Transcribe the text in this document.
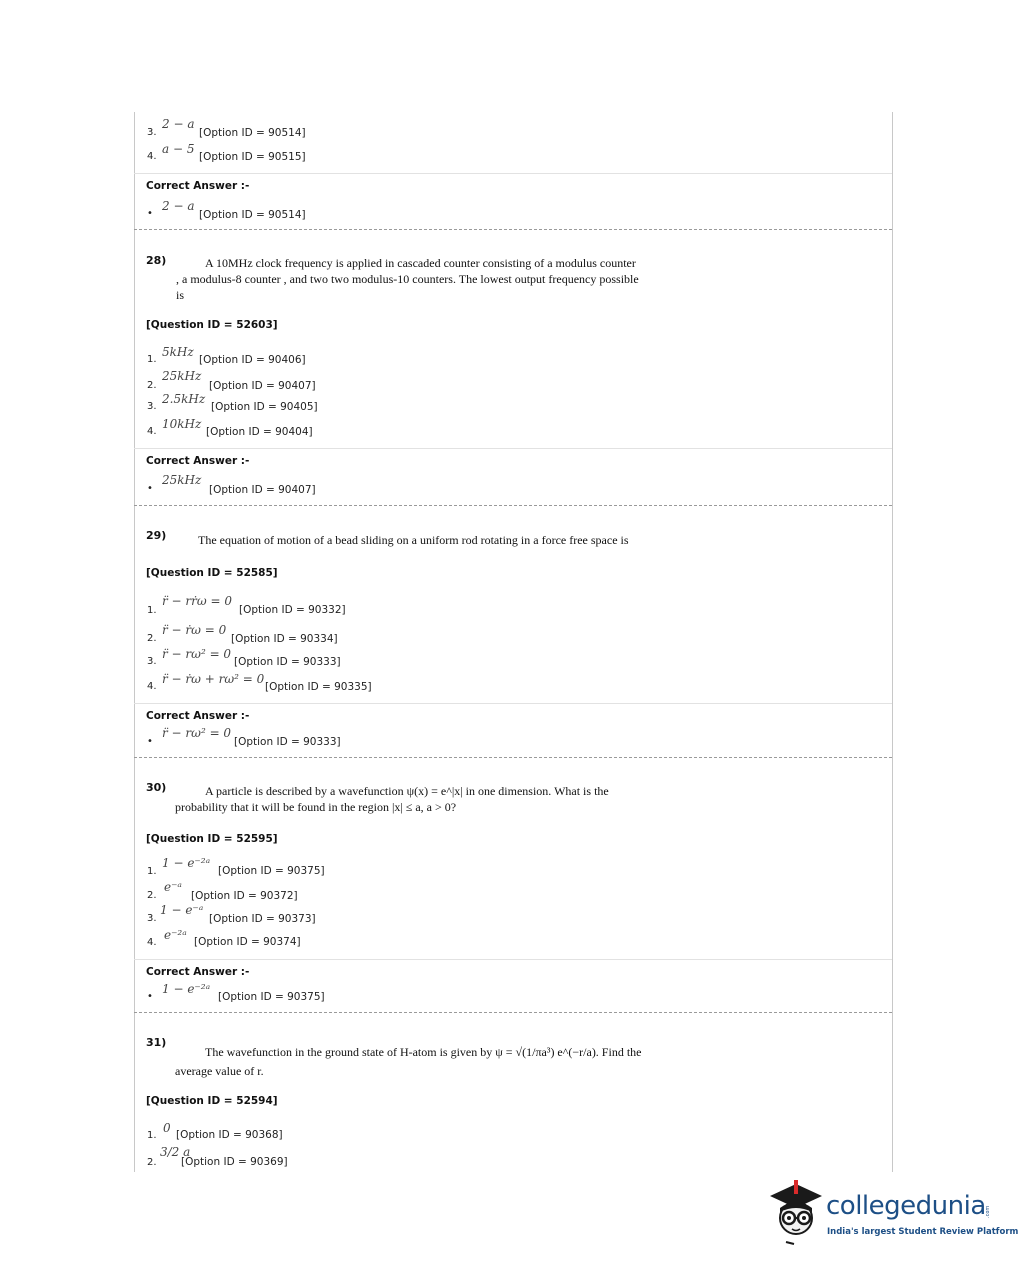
3.
2 − a
[Option ID = 90514]
4.
a − 5
[Option ID = 90515]
Correct Answer :-
•
2 − a
[Option ID = 90514]
28)	A 10MHz clock frequency is applied in cascaded counter consisting of a modulus counter
, a modulus-8 counter , and two two modulus-10 counters. The lowest output frequency possible
is
[Question ID = 52603]
1.
5kHz
[Option ID = 90406]
2.
25kHz
[Option ID = 90407]
3.
2.5kHz
[Option ID = 90405]
4.
10kHz
[Option ID = 90404]
Correct Answer :-
•
25kHz
[Option ID = 90407]
29)	The equation of motion of a bead sliding on a uniform rod rotating in a force free space is
[Question ID = 52585]
1.
r̈ − rṙω = 0
[Option ID = 90332]
2.
r̈ − ṙω = 0
[Option ID = 90334]
3.
r̈ − rω² = 0
[Option ID = 90333]
4.
r̈ − ṙω + rω² = 0
[Option ID = 90335]
Correct Answer :-
•
r̈ − rω² = 0
[Option ID = 90333]
30)	A particle is described by a wavefunction ψ(x) = e^|x| in one dimension. What is the
probability that it will be found in the region |x| ≤ a, a > 0?
[Question ID = 52595]
1.
1 − e⁻²ᵃ
[Option ID = 90375]
2.
e⁻ᵃ
[Option ID = 90372]
3.
1 − e⁻ᵃ
[Option ID = 90373]
4.
e⁻²ᵃ [Option ID = 90374]
Correct Answer :-
•
1 − e⁻²ᵃ
[Option ID = 90375]
31)
The wavefunction in the ground state of H-atom is given by ψ = √(1/πa³) e^(−r/a). Find the
average value of r.
[Question ID = 52594]
1.
0 [Option ID = 90368]
2.
3/2 a
[Option ID = 90369]
collegedunia .com
India's largest Student Review Platform
